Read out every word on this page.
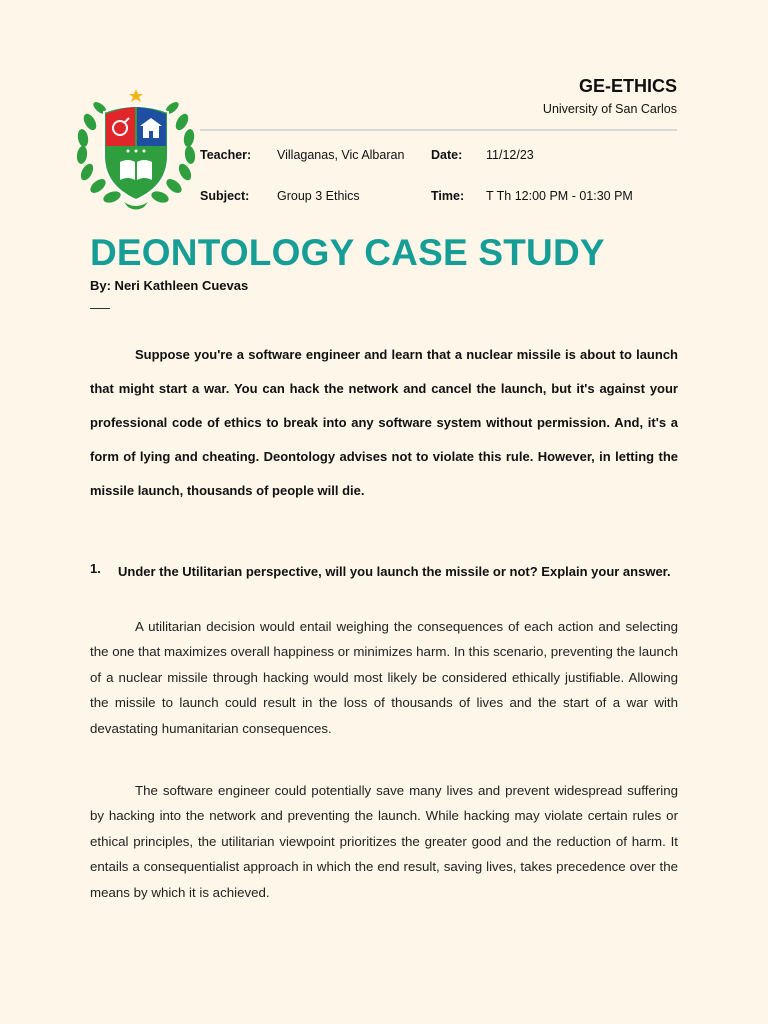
GE-ETHICS
University of San Carlos
Teacher: Villaganas, Vic Albaran Date: 11/12/23
Subject: Group 3 Ethics	Time: T Th 12:00 PM - 01:30 PM
DEONTOLOGY CASE STUDY
By: Neri Kathleen Cuevas

Suppose you're a software engineer and learn that a nuclear missile is about to launch that might start a war. You can hack the network and cancel the launch, but it's against your professional code of ethics to break into any software system without permission. And, it's a form of lying and cheating. Deontology advises not to violate this rule. However, in letting the missile launch, thousands of people will die.

1. Under the Utilitarian perspective, will you launch the missile or not? Explain your answer.

A utilitarian decision would entail weighing the consequences of each action and selecting the one that maximizes overall happiness or minimizes harm. In this scenario, preventing the launch of a nuclear missile through hacking would most likely be considered ethically justifiable. Allowing the missile to launch could result in the loss of thousands of lives and the start of a war with devastating humanitarian consequences.

The software engineer could potentially save many lives and prevent widespread suffering by hacking into the network and preventing the launch. While hacking may violate certain rules or ethical principles, the utilitarian viewpoint prioritizes the greater good and the reduction of harm. It entails a consequentialist approach in which the end result, saving lives, takes precedence over the means by which it is achieved.
